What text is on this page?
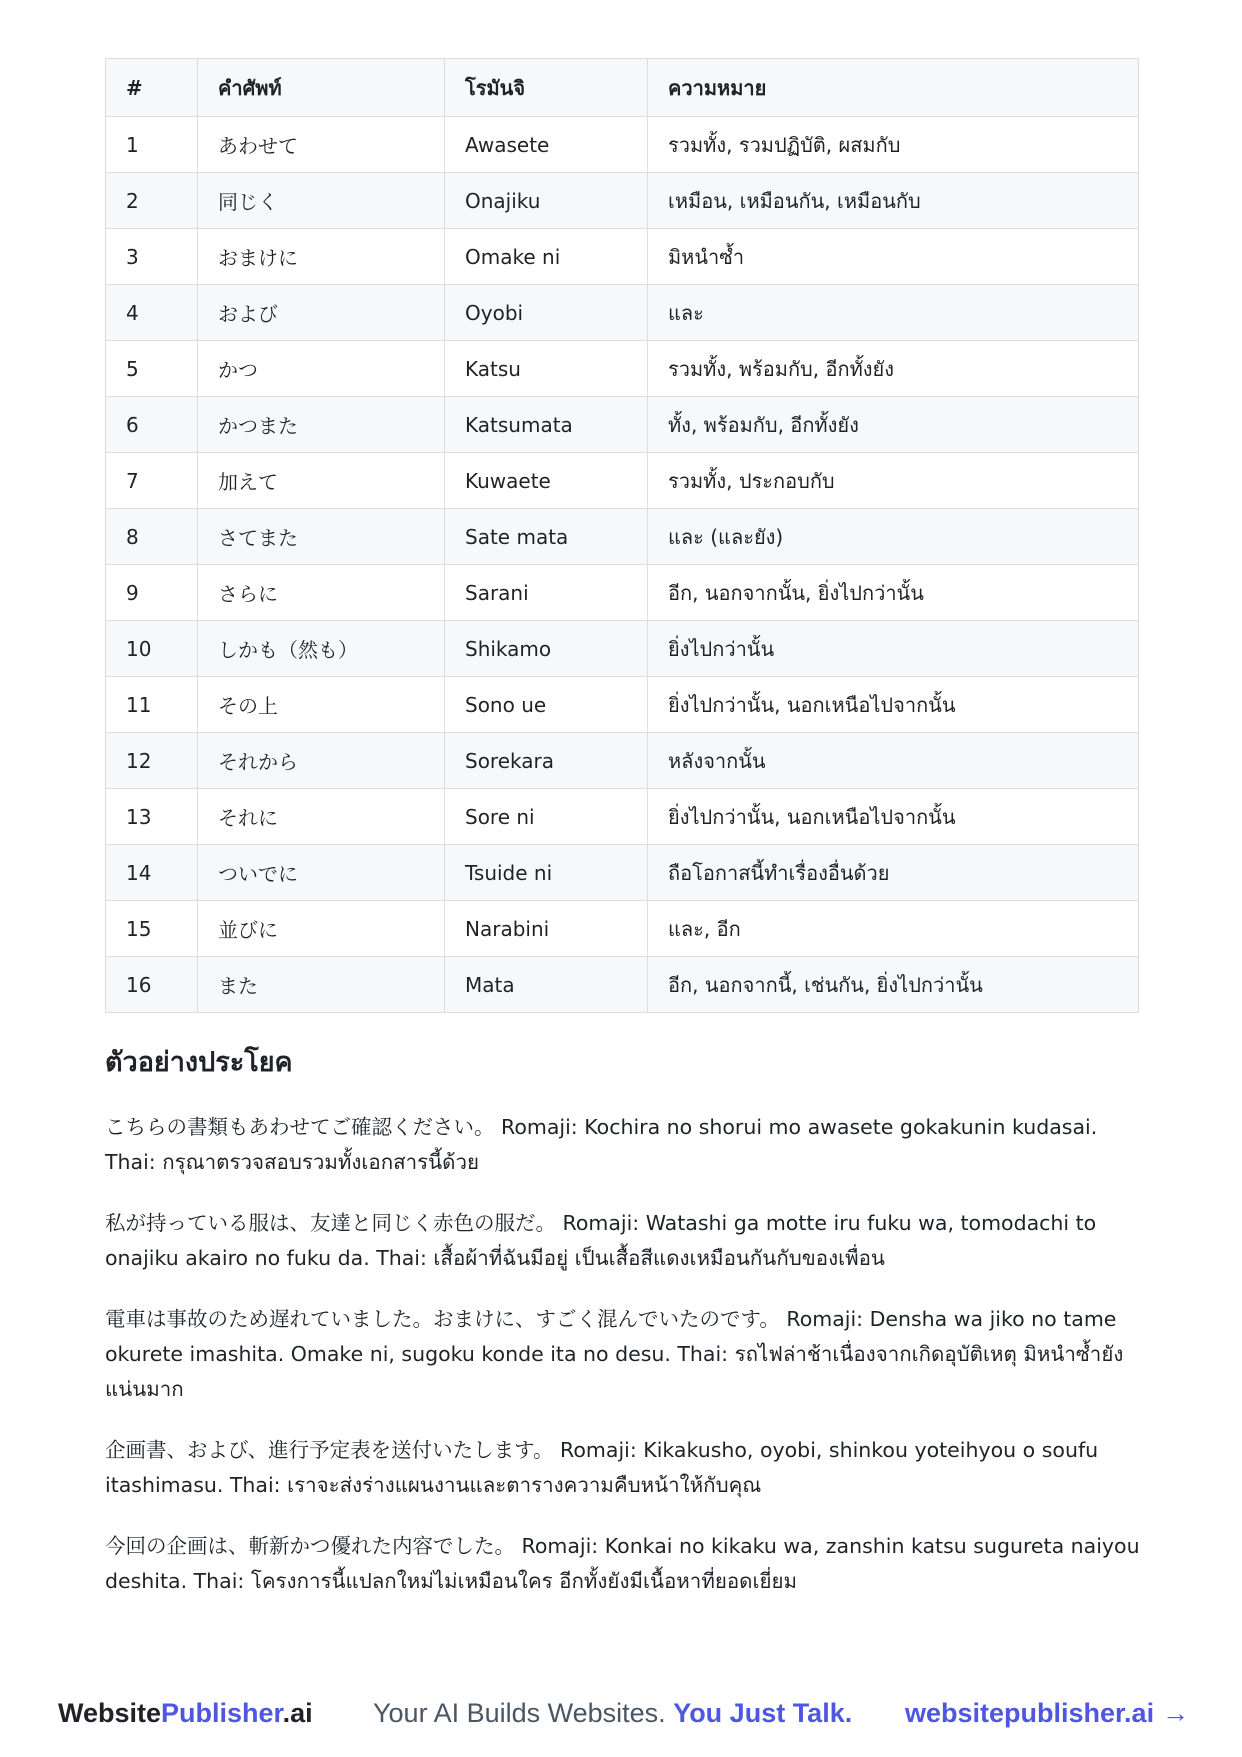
#	คำศัพท์	โรมันจิ	ความหมาย
1	あわせて	Awasete	รวมทั้ง, รวมปฏิบัติ, ผสมกับ
2	同じく	Onajiku	เหมือน, เหมือนกัน, เหมือนกับ
3	おまけに	Omake ni	มิหนำซ้ำ
4	および	Oyobi	และ
5	かつ	Katsu	รวมทั้ง, พร้อมกับ, อีกทั้งยัง
6	かつまた	Katsumata	ทั้ง, พร้อมกับ, อีกทั้งยัง
7	加えて	Kuwaete	รวมทั้ง, ประกอบกับ
8	さてまた	Sate mata	และ (และยัง)
9	さらに	Sarani	อีก, นอกจากนั้น, ยิ่งไปกว่านั้น
10	しかも（然も）	Shikamo	ยิ่งไปกว่านั้น
11	その上	Sono ue	ยิ่งไปกว่านั้น, นอกเหนือไปจากนั้น
12	それから	Sorekara	หลังจากนั้น
13	それに	Sore ni	ยิ่งไปกว่านั้น, นอกเหนือไปจากนั้น
14	ついでに	Tsuide ni	ถือโอกาสนี้ทำเรื่องอื่นด้วย
15	並びに	Narabini	และ, อีก
16	また	Mata	อีก, นอกจากนี้, เช่นกัน, ยิ่งไปกว่านั้น
ตัวอย่างประโยค

こちらの書類もあわせてご確認ください。 Romaji: Kochira no shorui mo awasete gokakunin kudasai. Thai: กรุณาตรวจสอบรวมทั้งเอกสารนี้ด้วย

私が持っている服は、友達と同じく赤色の服だ。 Romaji: Watashi ga motte iru fuku wa, tomodachi to onajiku akairo no fuku da. Thai: เสื้อผ้าที่ฉันมีอยู่ เป็นเสื้อสีแดงเหมือนกันกับของเพื่อน

電車は事故のため遅れていました。おまけに、すごく混んでいたのです。 Romaji: Densha wa jiko no tame okurete imashita. Omake ni, sugoku konde ita no desu. Thai: รถไฟล่าช้าเนื่องจากเกิดอุบัติเหตุ มิหนำซ้ำยังแน่นมาก

企画書、および、進行予定表を送付いたします。 Romaji: Kikakusho, oyobi, shinkou yoteihyou o soufu itashimasu. Thai: เราจะส่งร่างแผนงานและตารางความคืบหน้าให้กับคุณ

今回の企画は、斬新かつ優れた内容でした。 Romaji: Konkai no kikaku wa, zanshin katsu sugureta naiyou deshita. Thai: โครงการนี้แปลกใหม่ไม่เหมือนใคร อีกทั้งยังมีเนื้อหาที่ยอดเยี่ยม

WebsitePublisher.ai Your AI Builds Websites. You Just Talk. websitepublisher.ai →
